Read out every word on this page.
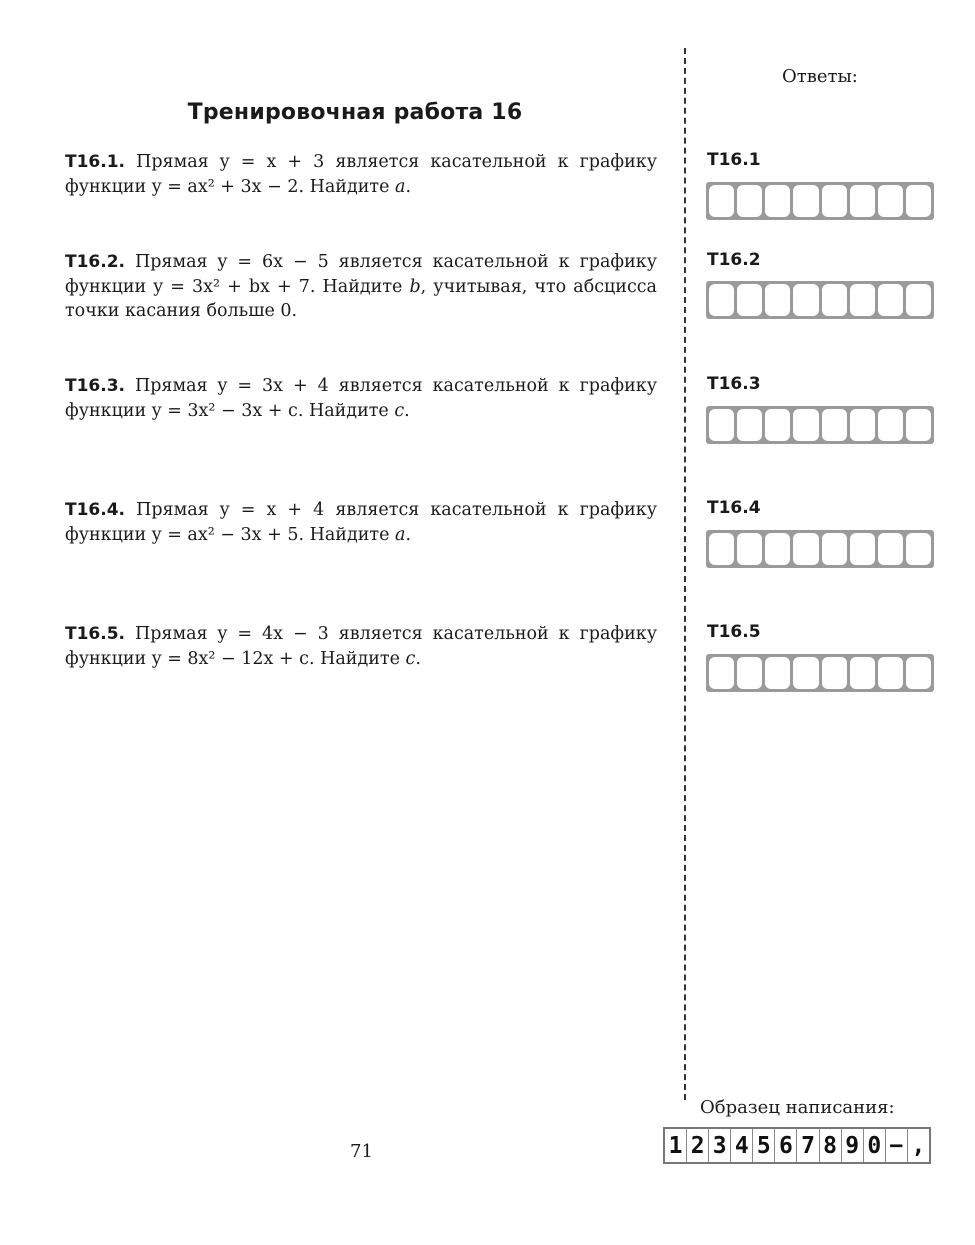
Тренировочная работа 16
Т16.1. Прямая y = x + 3 является касательной к графику функции y = ax² + 3x − 2. Найдите a.
Т16.2. Прямая y = 6x − 5 является касательной к графику функции y = 3x² + bx + 7. Найдите b, учитывая, что абсцисса точки касания больше 0.
Т16.3. Прямая y = 3x + 4 является касательной к графику функции y = 3x² − 3x + c. Найдите c.
Т16.4. Прямая y = x + 4 является касательной к графику функции y = ax² − 3x + 5. Найдите a.
Т16.5. Прямая y = 4x − 3 является касательной к графику функции y = 8x² − 12x + c. Найдите c.
Ответы:
Т16.1
Т16.2
Т16.3
Т16.4
Т16.5
Образец написания:
1 2 3 4 5 6 7 8 9 0 − ,
71
